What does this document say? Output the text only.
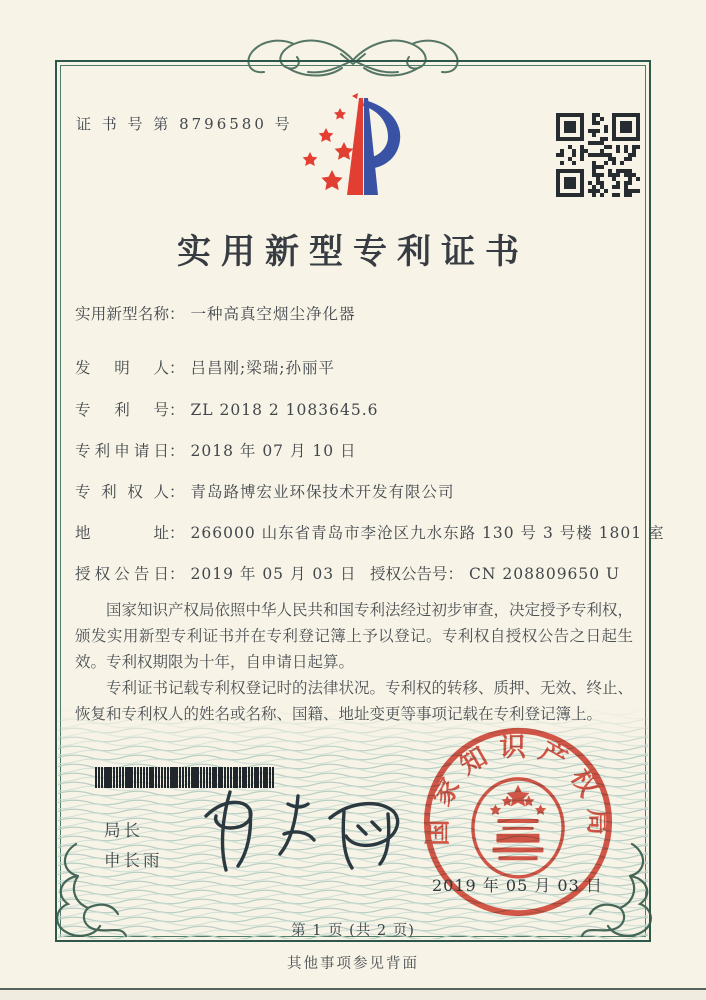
证 书 号 第 8796580 号
实用新型专利证书
实用新型名称： 一种高真空烟尘净化器
发明人： 吕昌刚;梁瑞;孙丽平
专利号： ZL 2018 2 1083645.6
专利申请日： 2018 年 07 月 10 日
专利权人： 青岛路博宏业环保技术开发有限公司
地址： 266000 山东省青岛市李沧区九水东路 130 号 3 号楼 1801 室
授权公告日： 2019 年 05 月 03 日 授权公告号： CN 208809650 U

国家知识产权局依照中华人民共和国专利法经过初步审查，决定授予专利权，颁发实用新型专利证书并在专利登记簿上予以登记。专利权自授权公告之日起生效。专利权期限为十年，自申请日起算。

专利证书记载专利权登记时的法律状况。专利权的转移、质押、无效、终止、恢复和专利权人的姓名或名称、国籍、地址变更等事项记载在专利登记簿上。

局长
申长雨
国家知识产权局
2019 年 05 月 03 日
第 1 页 (共 2 页)
其他事项参见背面
